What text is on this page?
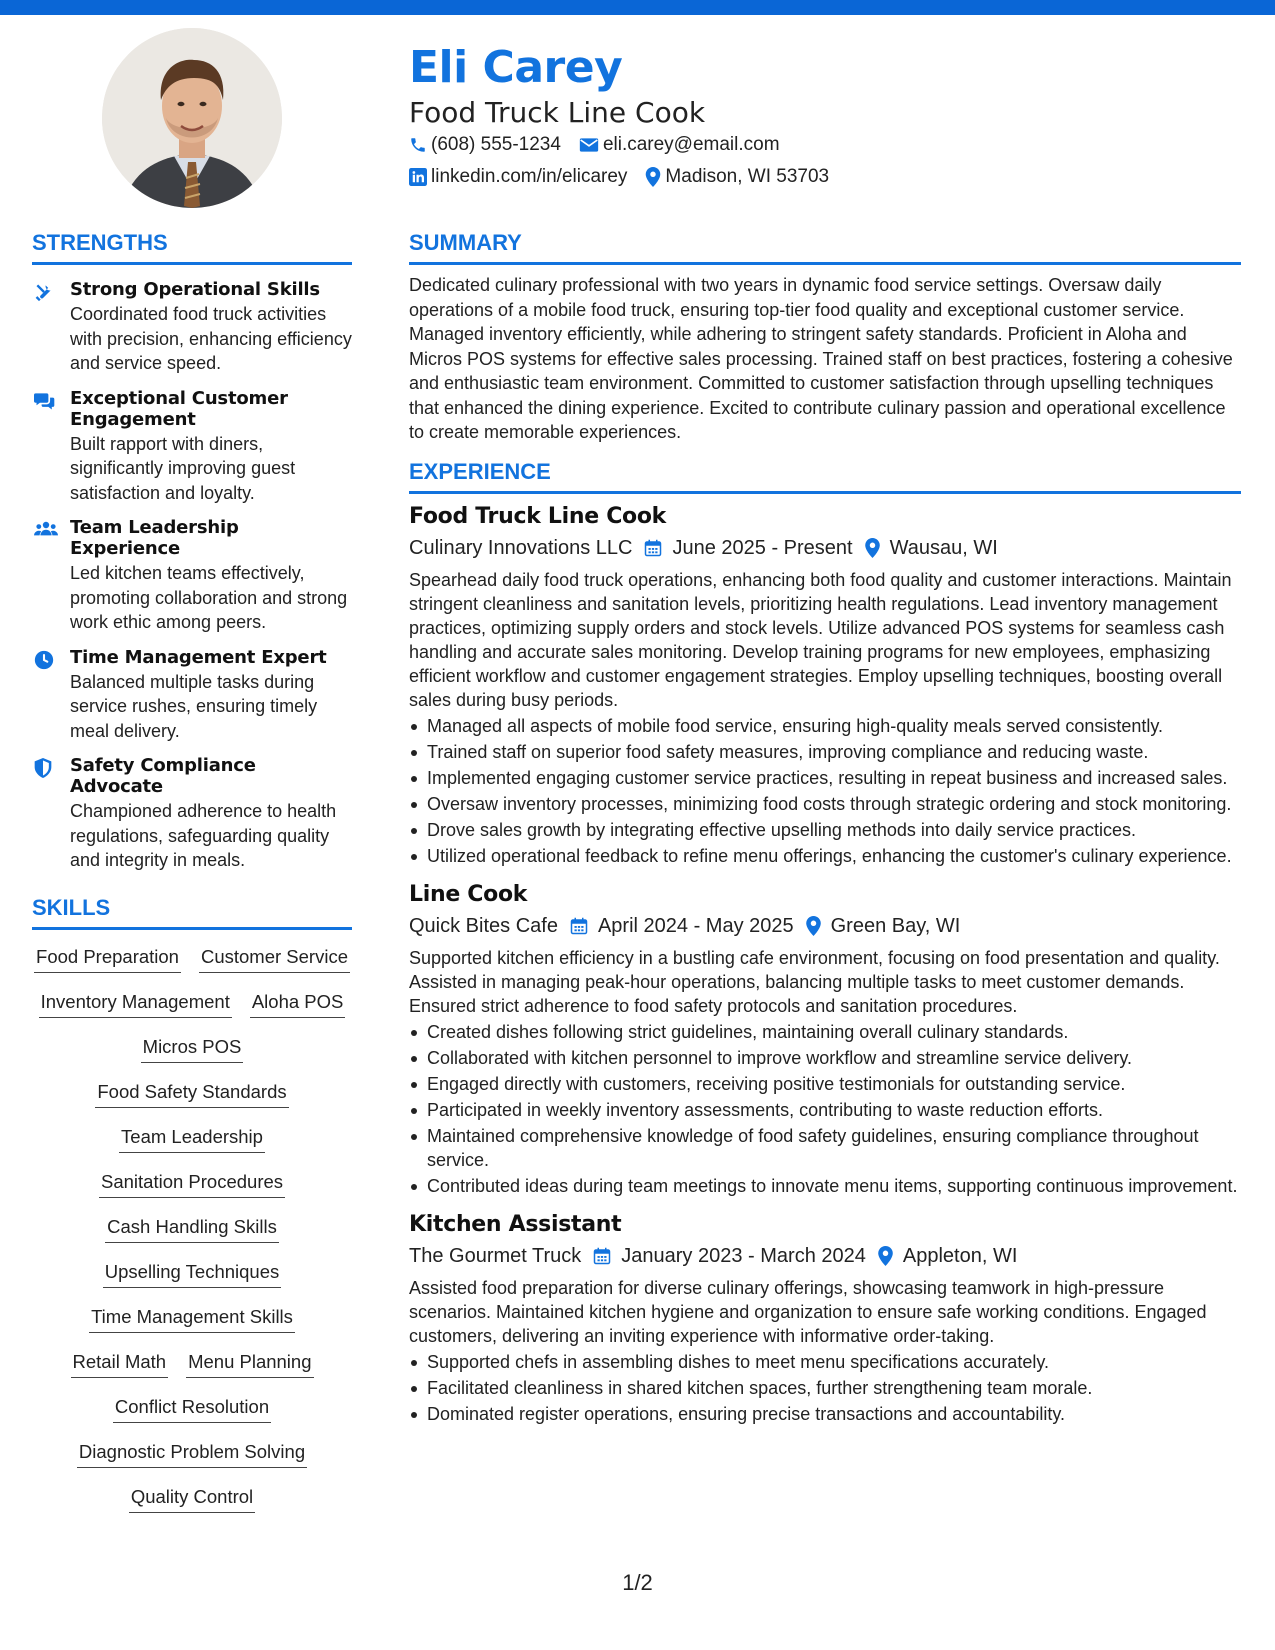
Eli Carey
Food Truck Line Cook
(608) 555-1234 eli.carey@email.com
linkedin.com/in/elicarey Madison, WI 53703
STRENGTHS
Strong Operational Skills
Coordinated food truck activities with precision, enhancing efficiency and service speed.
Exceptional Customer Engagement
Built rapport with diners, significantly improving guest satisfaction and loyalty.
Team Leadership Experience
Led kitchen teams effectively, promoting collaboration and strong work ethic among peers.
Time Management Expert
Balanced multiple tasks during service rushes, ensuring timely meal delivery.
Safety Compliance Advocate
Championed adherence to health regulations, safeguarding quality and integrity in meals.
SKILLS
Food Preparation Customer Service
Inventory Management Aloha POS
Micros POS
Food Safety Standards
Team Leadership
Sanitation Procedures
Cash Handling Skills
Upselling Techniques
Time Management Skills
Retail Math Menu Planning
Conflict Resolution
Diagnostic Problem Solving
Quality Control
SUMMARY
Dedicated culinary professional with two years in dynamic food service settings. Oversaw daily operations of a mobile food truck, ensuring top-tier food quality and exceptional customer service. Managed inventory efficiently, while adhering to stringent safety standards. Proficient in Aloha and Micros POS systems for effective sales processing. Trained staff on best practices, fostering a cohesive and enthusiastic team environment. Committed to customer satisfaction through upselling techniques that enhanced the dining experience. Excited to contribute culinary passion and operational excellence to create memorable experiences.
EXPERIENCE
Food Truck Line Cook
Culinary Innovations LLC June 2025 - Present Wausau, WI
Spearhead daily food truck operations, enhancing both food quality and customer interactions. Maintain stringent cleanliness and sanitation levels, prioritizing health regulations. Lead inventory management practices, optimizing supply orders and stock levels. Utilize advanced POS systems for seamless cash handling and accurate sales monitoring. Develop training programs for new employees, emphasizing efficient workflow and customer engagement strategies. Employ upselling techniques, boosting overall sales during busy periods.
Managed all aspects of mobile food service, ensuring high-quality meals served consistently.
Trained staff on superior food safety measures, improving compliance and reducing waste.
Implemented engaging customer service practices, resulting in repeat business and increased sales.
Oversaw inventory processes, minimizing food costs through strategic ordering and stock monitoring.
Drove sales growth by integrating effective upselling methods into daily service practices.
Utilized operational feedback to refine menu offerings, enhancing the customer's culinary experience.
Line Cook
Quick Bites Cafe April 2024 - May 2025 Green Bay, WI
Supported kitchen efficiency in a bustling cafe environment, focusing on food presentation and quality. Assisted in managing peak-hour operations, balancing multiple tasks to meet customer demands. Ensured strict adherence to food safety protocols and sanitation procedures.
Created dishes following strict guidelines, maintaining overall culinary standards.
Collaborated with kitchen personnel to improve workflow and streamline service delivery.
Engaged directly with customers, receiving positive testimonials for outstanding service.
Participated in weekly inventory assessments, contributing to waste reduction efforts.
Maintained comprehensive knowledge of food safety guidelines, ensuring compliance throughout service.
Contributed ideas during team meetings to innovate menu items, supporting continuous improvement.
Kitchen Assistant
The Gourmet Truck January 2023 - March 2024 Appleton, WI
Assisted food preparation for diverse culinary offerings, showcasing teamwork in high-pressure scenarios. Maintained kitchen hygiene and organization to ensure safe working conditions. Engaged customers, delivering an inviting experience with informative order-taking.
Supported chefs in assembling dishes to meet menu specifications accurately.
Facilitated cleanliness in shared kitchen spaces, further strengthening team morale.
Dominated register operations, ensuring precise transactions and accountability.
1/2
